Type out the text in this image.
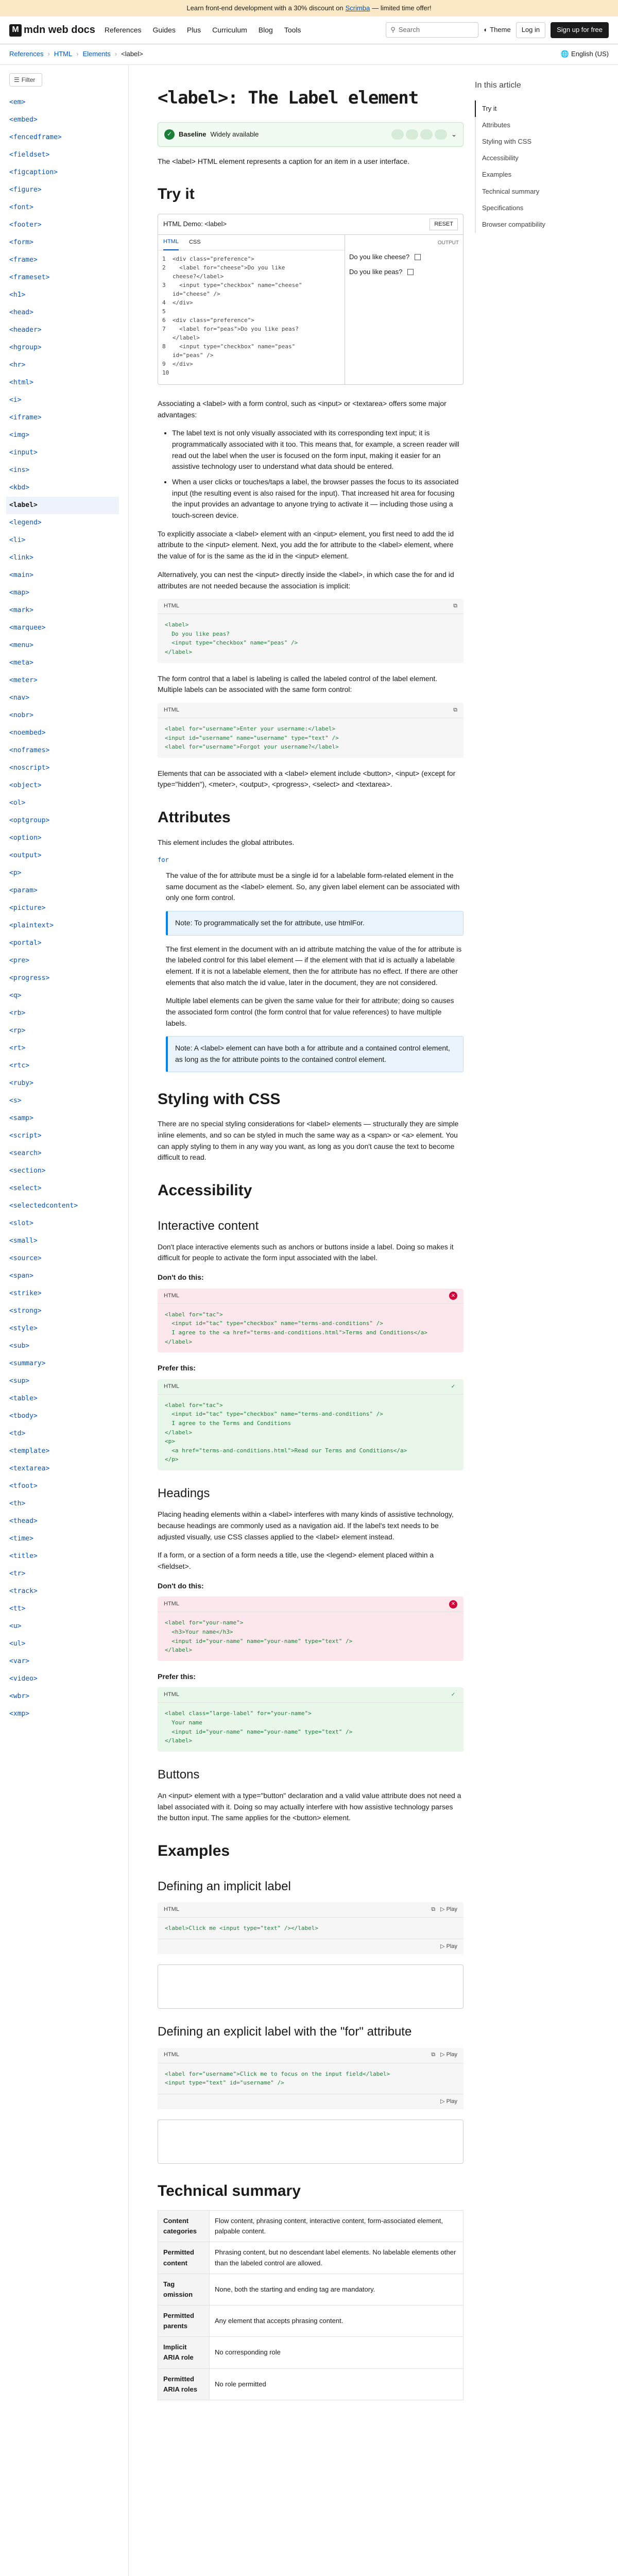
Learn front-end development with a 30% discount on Scrimba — limited time offer!
M mdn web docs References Guides Plus Curriculum Blog Tools	⚲ Search	◐ Theme	Log in	Sign up for free
References › HTML › Elements › <label>	🌐 English (US)
☰ Filter
<em>
<embed>
<fencedframe>
<fieldset>
<figcaption>
<figure>
<font>
<footer>
<form>
<frame>
<frameset>
<h1>
<head>
<header>
<hgroup>
<hr>
<html>
<i>
<iframe>
<img>
<input>
<ins>
<kbd>
<label>
<legend>
<li>
<link>
<main>
<map>
<mark>
<marquee>
<menu>
<meta>
<meter>
<nav>
<nobr>
<noembed>
<noframes>
<noscript>
<object>
<ol>
<optgroup>
<option>
<output>
<p>
<param>
<picture>
<plaintext>
<portal>
<pre>
<progress>
<q>
<rb>
<rp>
<rt>
<rtc>
<ruby>
<s>
<samp>
<script>
<search>
<section>
<select>
<selectedcontent>
<slot>
<small>
<source>
<span>
<strike>
<strong>
<style>
<sub>
<summary>
<sup>
<table>
<tbody>
<td>
<template>
<textarea>
<tfoot>
<th>
<thead>
<time>
<title>
<tr>
<track>
<tt>
<u>
<ul>
<var>
<video>
<wbr>
<xmp>
<label>: The Label element
✓ Baseline Widely available	⌄

The <label> HTML element represents a caption for an item in a user interface.

Try it
HTML Demo: <label>	RESET
HTML CSS
1  <div class="preference">
2    <label for="cheese">Do you like
cheese?</label>
3    <input type="checkbox" name="cheese"
id="cheese" />
4  </div>
5
6  <div class="preference">
7    <label for="peas">Do you like peas?
</label>
8    <input type="checkbox" name="peas"
id="peas" />
9  </div>
10
OUTPUT
Do you like cheese?
Do you like peas?

Associating a <label> with a form control, such as <input> or <textarea> offers some major advantages:

• The label text is not only visually associated with its corresponding text input; it is programmatically associated with it too. This means that, for example, a screen reader will read out the label when the user is focused on the form input, making it easier for an assistive technology user to understand what data should be entered.
• When a user clicks or touches/taps a label, the browser passes the focus to its associated input (the resulting event is also raised for the input). That increased hit area for focusing the input provides an advantage to anyone trying to activate it — including those using a touch-screen device.

To explicitly associate a <label> element with an <input> element, you first need to add the id attribute to the <input> element. Next, you add the for attribute to the <label> element, where the value of for is the same as the id in the <input> element.

Alternatively, you can nest the <input> directly inside the <label>, in which case the for and id attributes are not needed because the association is implicit:

HTML	⧉
<label>
Do you like peas?
<input type="checkbox" name="peas" />
</label>

The form control that a label is labeling is called the labeled control of the label element. Multiple labels can be associated with the same form control:

HTML	⧉
<label for="username">Enter your username:</label>
<input id="username" name="username" type="text" />
<label for="username">Forgot your username?</label>

Elements that can be associated with a <label> element include <button>, <input> (except for type="hidden"), <meter>, <output>, <progress>, <select> and <textarea>.

Attributes

This element includes the global attributes.

for

The value of the for attribute must be a single id for a labelable form-related element in the same document as the <label> element. So, any given label element can be associated with only one form control.

Note: To programmatically set the for attribute, use htmlFor.

The first element in the document with an id attribute matching the value of the for attribute is the labeled control for this label element — if the element with that id is actually a labelable element. If it is not a labelable element, then the for attribute has no effect. If there are other elements that also match the id value, later in the document, they are not considered.

Multiple label elements can be given the same value for their for attribute; doing so causes the associated form control (the form control that for value references) to have multiple labels.

Note: A <label> element can have both a for attribute and a contained control element, as long as the for attribute points to the contained control element.
Styling with CSS

There are no special styling considerations for <label> elements — structurally they are simple inline elements, and so can be styled in much the same way as a <span> or <a> element. You can apply styling to them in any way you want, as long as you don't cause the text to become difficult to read.

Accessibility
Interactive content

Don't place interactive elements such as anchors or buttons inside a label. Doing so makes it difficult for people to activate the form input associated with the label.

Don't do this:
HTML	✕
<label for="tac">
<input id="tac" type="checkbox" name="terms-and-conditions" />
I agree to the <a href="terms-and-conditions.html">Terms and Conditions</a>
</label>
Prefer this:
HTML	✓
<label for="tac">
<input id="tac" type="checkbox" name="terms-and-conditions" />
I agree to the Terms and Conditions
</label>
<p>
<a href="terms-and-conditions.html">Read our Terms and Conditions</a>
</p>
Headings

Placing heading elements within a <label> interferes with many kinds of assistive technology, because headings are commonly used as a navigation aid. If the label's text needs to be adjusted visually, use CSS classes applied to the <label> element instead.

If a form, or a section of a form needs a title, use the <legend> element placed within a <fieldset>.

Don't do this:
HTML	✕
<label for="your-name">
<h3>Your name</h3>
<input id="your-name" name="your-name" type="text" />
</label>
Prefer this:
HTML	✓
<label class="large-label" for="your-name">
Your name
<input id="your-name" name="your-name" type="text" />
</label>
Buttons

An <input> element with a type="button" declaration and a valid value attribute does not need a label associated with it. Doing so may actually interfere with how assistive technology parses the button input. The same applies for the <button> element.

Examples
Defining an implicit label
HTML	⧉ ▷ Play
<label>Click me <input type="text" /></label>
▷ Play
Defining an explicit label with the "for" attribute
HTML	⧉ ▷ Play
<label for="username">Click me to focus on the input field</label>
<input type="text" id="username" />
▷ Play
Technical summary
Content categories	Flow content, phrasing content, interactive content, form-associated element, palpable content.
Permitted content	Phrasing content, but no descendant label elements. No labelable elements other than the labeled control are allowed.
Tag omission	None, both the starting and ending tag are mandatory.
Permitted parents	Any element that accepts phrasing content.
Implicit ARIA role	No corresponding role
Permitted ARIA roles	No role permitted
In this article
Try it
Attributes
Styling with CSS
Accessibility
Examples
Technical summary
Specifications
Browser compatibility
